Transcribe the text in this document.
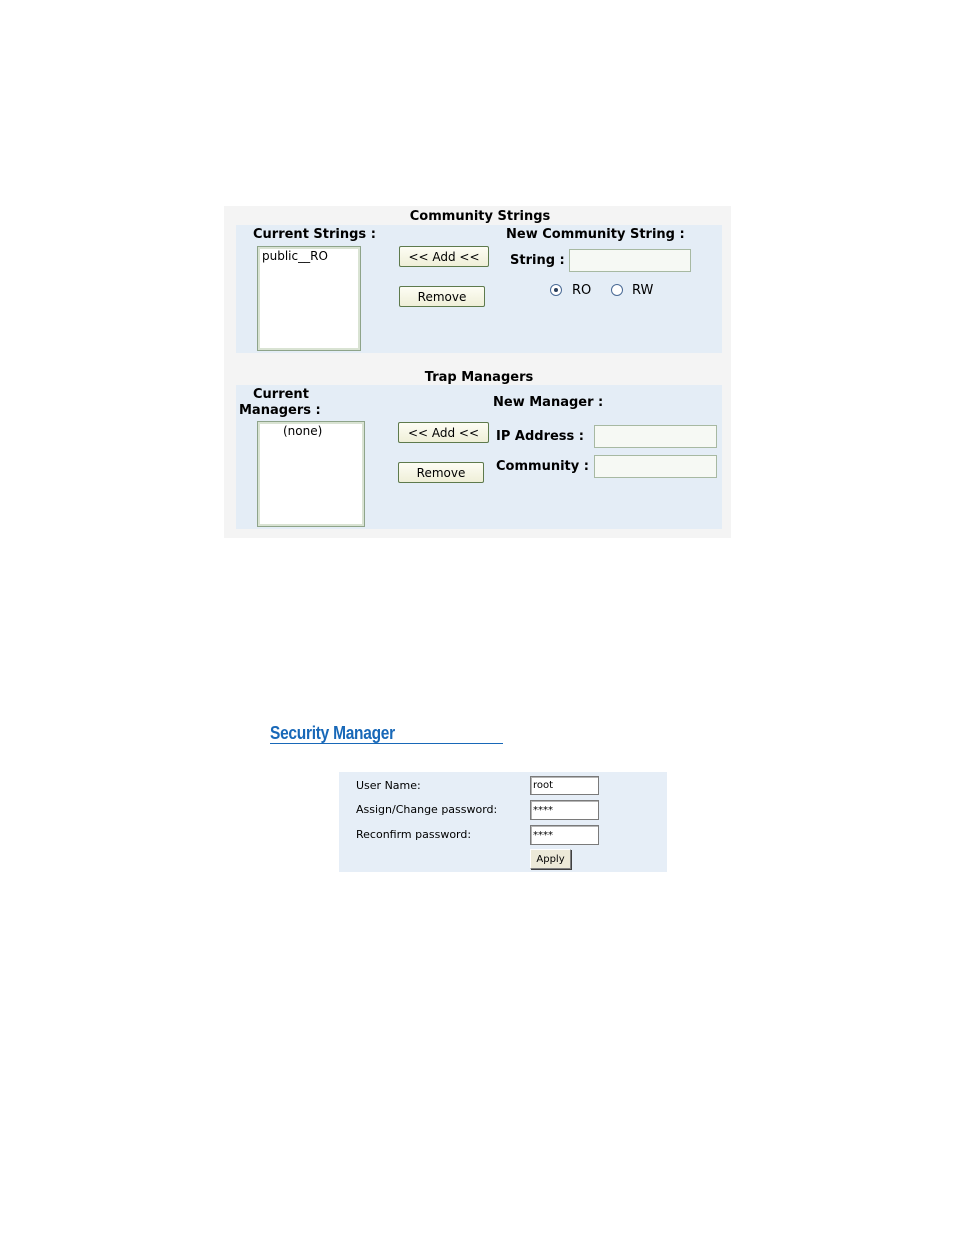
Community Strings
Current Strings :
public__RO	<< Add <<
Remove
New Community String :
String :
RO	RW
Trap Managers
Current
Managers :
(none)	<< Add <<
Remove
New Manager :
IP Address :
Community :
Security Manager
User Name:
root
Assign/Change password:
****
Reconfirm password:
****
Apply
